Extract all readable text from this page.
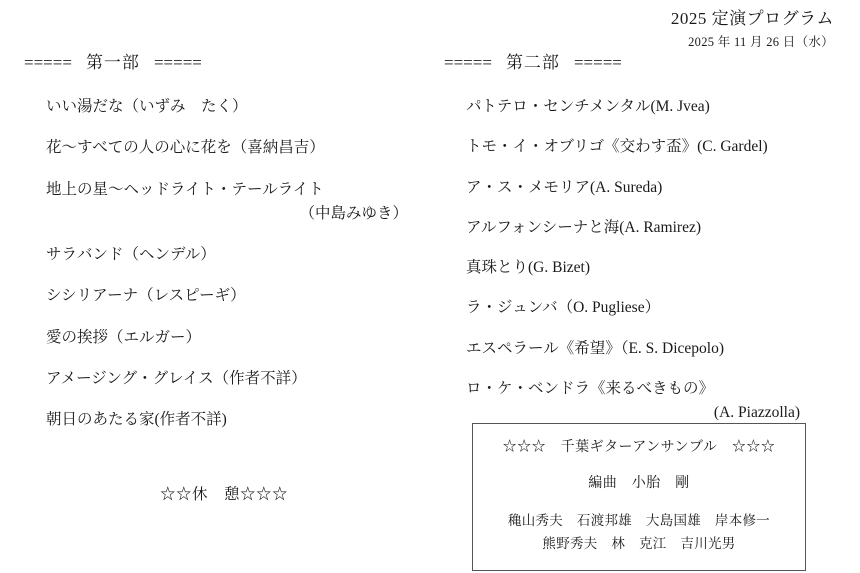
2025 定演プログラム
2025 年 11 月 26 日（水）
===== 第一部 =====
いい湯だな（いずみ　たく）
花～すべての人の心に花を（喜納昌吉）
地上の星～ヘッドライト・テールライト
（中島みゆき）
サラバンド（ヘンデル）
シシリアーナ（レスピーギ）
愛の挨拶（エルガー）
アメージング・グレイス（作者不詳）
朝日のあたる家(作者不詳)
☆☆休　憩☆☆☆
===== 第二部 =====
パトテロ・センチメンタル(M. Jvea)
トモ・イ・オブリゴ《交わす盃》(C. Gardel)
ア・ス・メモリア(A. Sureda)
アルフォンシーナと海(A. Ramirez)
真珠とり(G. Bizet)
ラ・ジュンバ（O. Pugliese）
エスペラール《希望》（E. S. Dicepolo)
ロ・ケ・ベンドラ《来るべきもの》
(A. Piazzolla)
☆☆☆　千葉ギターアンサンブル　☆☆☆
編曲　小胎　剛
穐山秀夫　石渡邦雄　大島国雄　岸本修一
熊野秀夫　林　克江　吉川光男
